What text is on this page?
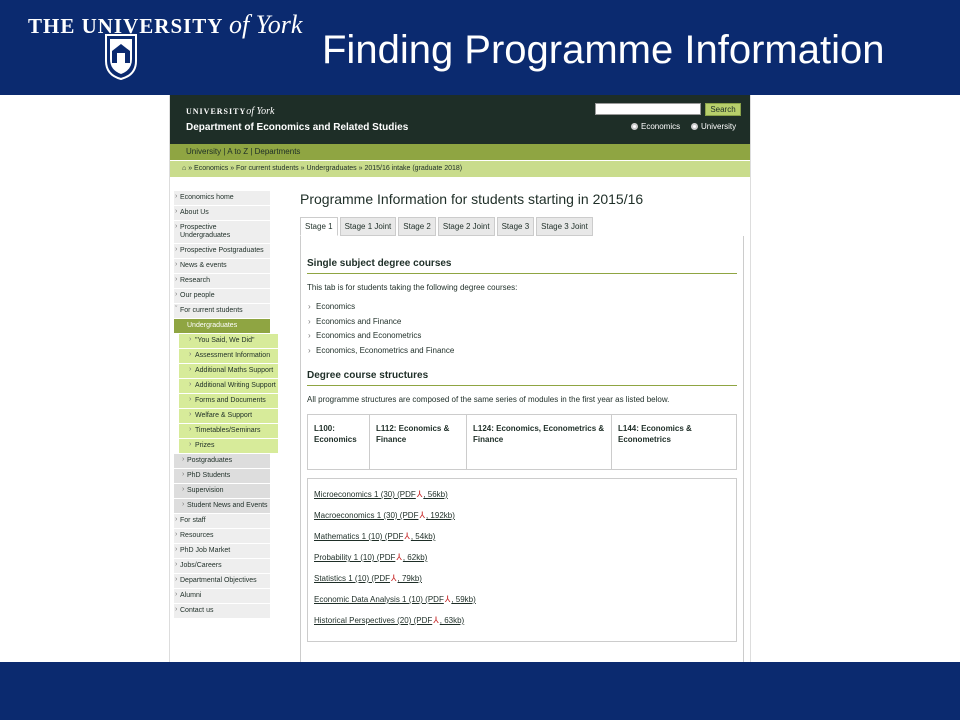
THE UNIVERSITY of York
Finding Programme Information
UNIVERSITYof York
Department of Economics and Related Studies
Search
Economics	University
University | A to Z | Departments
⌂ » Economics » For current students » Undergraduates » 2015/16 intake (graduate 2018)
› Economics home
› About Us
› Prospective Undergraduates
› Prospective Postgraduates
› News & events
› Research
› Our people
ˇ For current students
Undergraduates
› "You Said, We Did"
› Assessment Information
› Additional Maths Support
› Additional Writing Support
› Forms and Documents
› Welfare & Support
› Timetables/Seminars
› Prizes
› Postgraduates
› PhD Students
› Supervision
› Student News and Events
› For staff
› Resources
› PhD Job Market
› Jobs/Careers
› Departmental Objectives
› Alumni
› Contact us
Programme Information for students starting in 2015/16
Stage 1	Stage 1 Joint	Stage 2	Stage 2 Joint	Stage 3	Stage 3 Joint
Single subject degree courses
This tab is for students taking the following degree courses:
› Economics
› Economics and Finance
› Economics and Econometrics
› Economics, Econometrics and Finance
Degree course structures
All programme structures are composed of the same series of modules in the first year as listed below.
L100: Economics
L112: Economics & Finance
L124: Economics, Econometrics & Finance
L144: Economics & Econometrics
Microeconomics 1 (30) (PDF⅄, 56kb)
Macroeconomics 1 (30) (PDF⅄, 192kb)
Mathematics 1 (10) (PDF⅄, 54kb)
Probability 1 (10) (PDF⅄, 62kb)
Statistics 1 (10) (PDF⅄, 79kb)
Economic Data Analysis 1 (10) (PDF⅄, 59kb)
Historical Perspectives (20) (PDF⅄, 63kb)
